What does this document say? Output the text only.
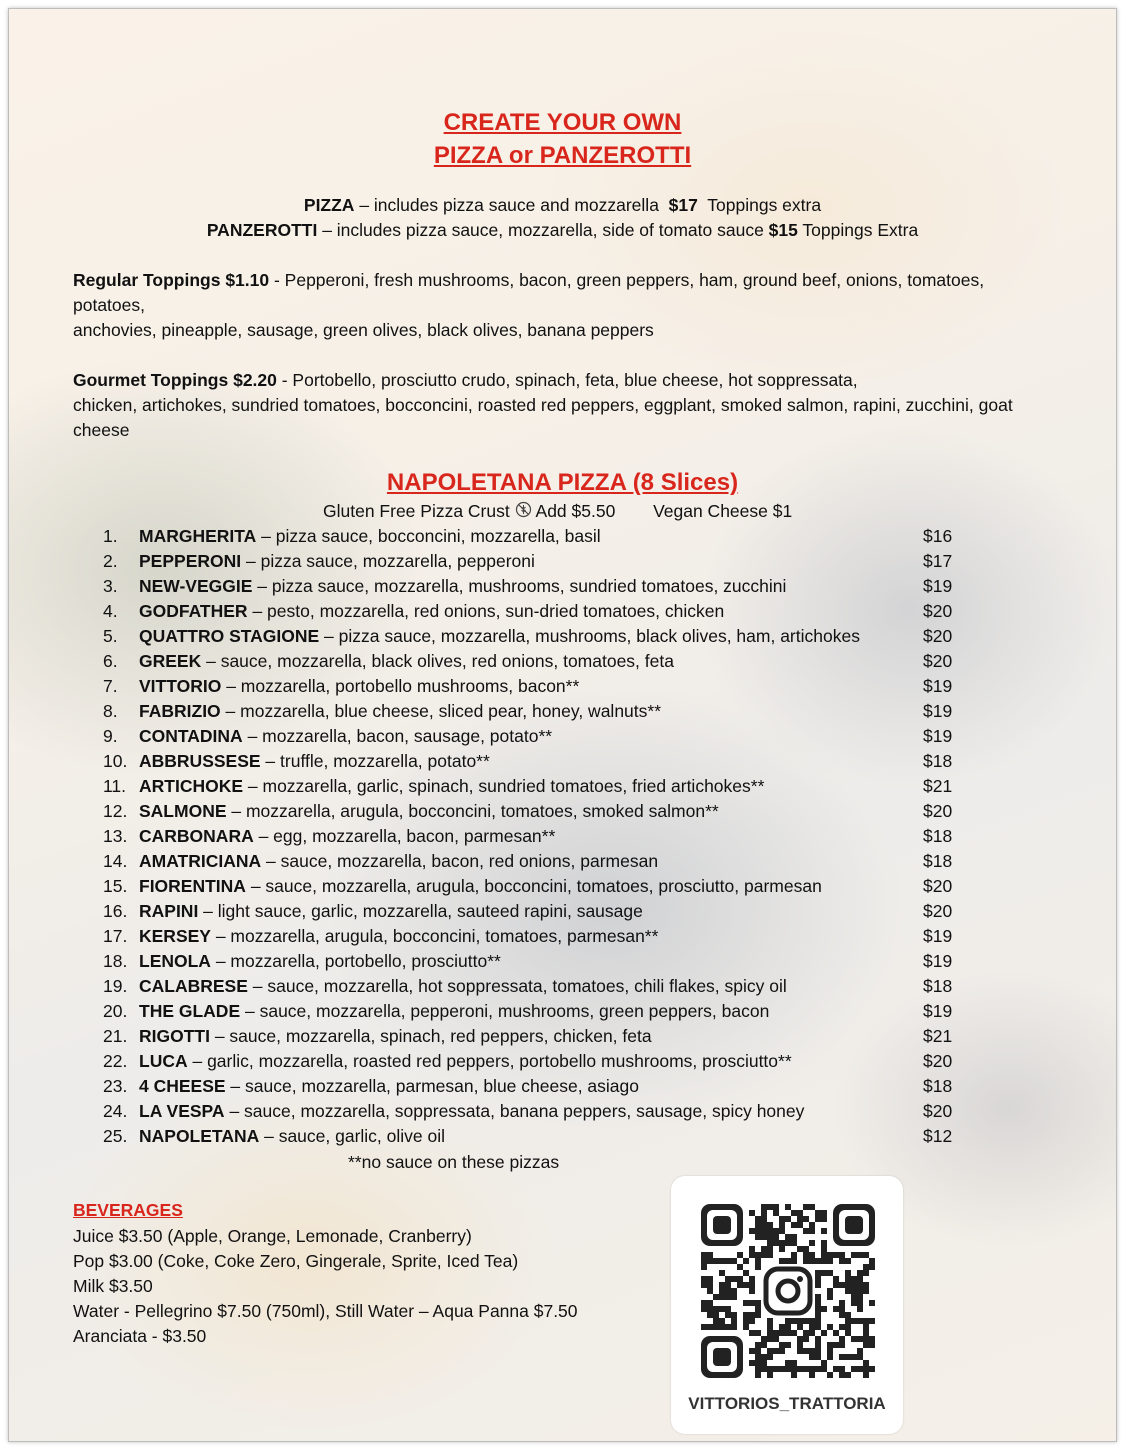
CREATE YOUR OWN
PIZZA or PANZEROTTI
PIZZA – includes pizza sauce and mozzarella  $17  Toppings extra
PANZEROTTI – includes pizza sauce, mozzarella, side of tomato sauce $15 Toppings Extra
Regular Toppings $1.10 - Pepperoni, fresh mushrooms, bacon, green peppers, ham, ground beef, onions, tomatoes,
potatoes,
anchovies, pineapple, sausage, green olives, black olives, banana peppers
Gourmet Toppings $2.20 - Portobello, prosciutto crudo, spinach, feta, blue cheese, hot soppressata,
chicken, artichokes, sundried tomatoes, bocconcini, roasted red peppers, eggplant, smoked salmon, rapini, zucchini, goat
cheese
NAPOLETANA PIZZA (8 Slices)
Gluten Free Pizza Crust Add $5.50 Vegan Cheese $1
1.	MARGHERITA – pizza sauce, bocconcini, mozzarella, basil	$16
2.	PEPPERONI – pizza sauce, mozzarella, pepperoni	$17
3.	NEW-VEGGIE – pizza sauce, mozzarella, mushrooms, sundried tomatoes, zucchini	$19
4.	GODFATHER – pesto, mozzarella, red onions, sun-dried tomatoes, chicken	$20
5.	QUATTRO STAGIONE – pizza sauce, mozzarella, mushrooms, black olives, ham, artichokes	$20
6.	GREEK – sauce, mozzarella, black olives, red onions, tomatoes, feta	$20
7.	VITTORIO – mozzarella, portobello mushrooms, bacon**	$19
8.	FABRIZIO – mozzarella, blue cheese, sliced pear, honey, walnuts**	$19
9.	CONTADINA – mozzarella, bacon, sausage, potato**	$19
10. ABBRUSSESE – truffle, mozzarella, potato**	$18
11. ARTICHOKE – mozzarella, garlic, spinach, sundried tomatoes, fried artichokes**	$21
12. SALMONE – mozzarella, arugula, bocconcini, tomatoes, smoked salmon**	$20
13. CARBONARA – egg, mozzarella, bacon, parmesan**	$18
14. AMATRICIANA – sauce, mozzarella, bacon, red onions, parmesan	$18
15. FIORENTINA – sauce, mozzarella, arugula, bocconcini, tomatoes, prosciutto, parmesan	$20
16. RAPINI – light sauce, garlic, mozzarella, sauteed rapini, sausage	$20
17. KERSEY – mozzarella, arugula, bocconcini, tomatoes, parmesan**	$19
18. LENOLA – mozzarella, portobello, prosciutto**	$19
19. CALABRESE – sauce, mozzarella, hot soppressata, tomatoes, chili flakes, spicy oil	$18
20. THE GLADE – sauce, mozzarella, pepperoni, mushrooms, green peppers, bacon	$19
21. RIGOTTI – sauce, mozzarella, spinach, red peppers, chicken, feta	$21
22. LUCA – garlic, mozzarella, roasted red peppers, portobello mushrooms, prosciutto**	$20
23. 4 CHEESE – sauce, mozzarella, parmesan, blue cheese, asiago	$18
24. LA VESPA – sauce, mozzarella, soppressata, banana peppers, sausage, spicy honey	$20
25. NAPOLETANA – sauce, garlic, olive oil	$12
**no sauce on these pizzas
BEVERAGES
Juice $3.50 (Apple, Orange, Lemonade, Cranberry)
Pop $3.00 (Coke, Coke Zero, Gingerale, Sprite, Iced Tea)
Milk $3.50
Water - Pellegrino $7.50 (750ml), Still Water – Aqua Panna $7.50
Aranciata - $3.50
VITTORIOS_TRATTORIA
